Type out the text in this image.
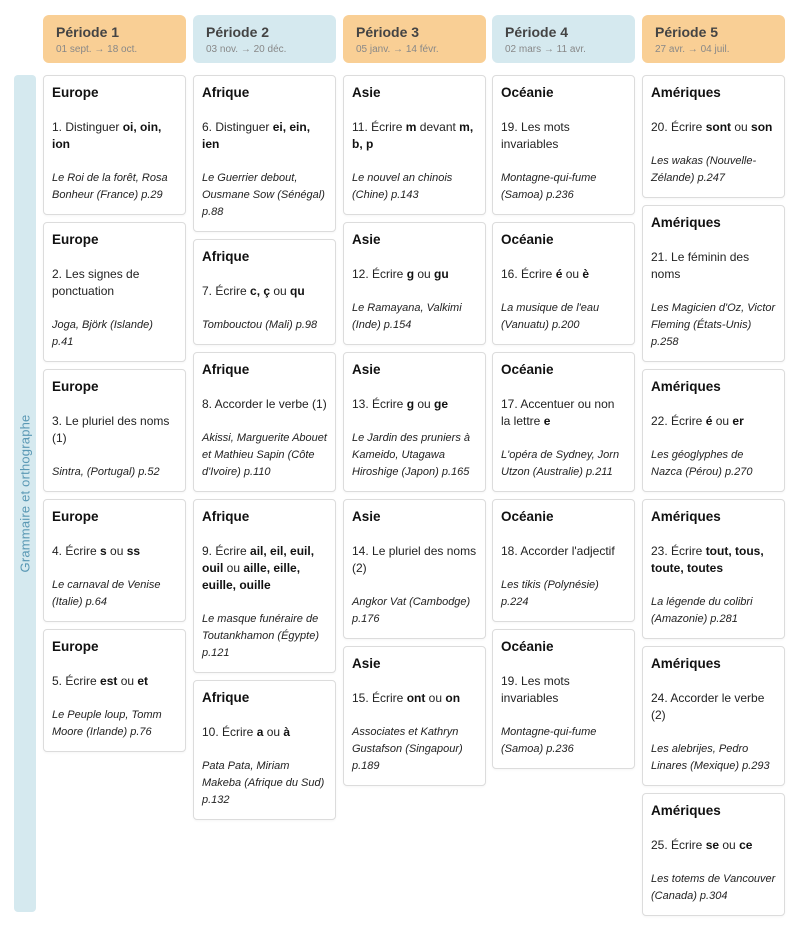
Grammaire et orthographe
Période 1
01 sept. → 18 oct.
Europe
1. Distinguer oi, oin, ion
Le Roi de la forêt, Rosa Bonheur (France) p.29
Europe
2. Les signes de ponctuation
Joga, Björk (Islande) p.41
Europe
3. Le pluriel des noms (1)
Sintra, (Portugal) p.52
Europe
4. Écrire s ou ss
Le carnaval de Venise (Italie) p.64
Europe
5. Écrire est ou et
Le Peuple loup, Tomm Moore (Irlande) p.76
Période 2
03 nov. → 20 déc.
Afrique
6. Distinguer ei, ein, ien
Le Guerrier debout, Ousmane Sow (Sénégal) p.88
Afrique
7. Écrire c, ç ou qu
Tombouctou (Mali) p.98
Afrique
8. Accorder le verbe (1)
Akissi, Marguerite Abouet et Mathieu Sapin (Côte d'Ivoire) p.110
Afrique
9. Écrire ail, eil, euil, ouil ou aille, eille, euille, ouille
Le masque funéraire de Toutankhamon (Égypte) p.121
Afrique
10. Écrire a ou à
Pata Pata, Miriam Makeba (Afrique du Sud) p.132
Période 3
05 janv. → 14 févr.
Asie
11. Écrire m devant m, b, p
Le nouvel an chinois (Chine) p.143
Asie
12. Écrire g ou gu
Le Ramayana, Valkimi (Inde) p.154
Asie
13. Écrire g ou ge
Le Jardin des pruniers à Kameido, Utagawa Hiroshige (Japon) p.165
Asie
14. Le pluriel des noms (2)
Angkor Vat (Cambodge) p.176
Asie
15. Écrire ont ou on
Associates et Kathryn Gustafson (Singapour) p.189
Période 4
02 mars → 11 avr.
Océanie
19. Les mots invariables
Montagne-qui-fume (Samoa) p.236
Océanie
16. Écrire é ou è
La musique de l'eau (Vanuatu) p.200
Océanie
17. Accentuer ou non la lettre e
L'opéra de Sydney, Jorn Utzon (Australie) p.211
Océanie
18. Accorder l'adjectif
Les tikis (Polynésie) p.224
Océanie
19. Les mots invariables
Montagne-qui-fume (Samoa) p.236
Période 5
27 avr. → 04 juil.
Amériques
20. Écrire sont ou son
Les wakas (Nouvelle-Zélande) p.247
Amériques
21. Le féminin des noms
Les Magicien d'Oz, Victor Fleming (États-Unis) p.258
Amériques
22. Écrire é ou er
Les géoglyphes de Nazca (Pérou) p.270
Amériques
23. Écrire tout, tous, toute, toutes
La légende du colibri (Amazonie) p.281
Amériques
24. Accorder le verbe (2)
Les alebrijes, Pedro Linares (Mexique) p.293
Amériques
25. Écrire se ou ce
Les totems de Vancouver (Canada) p.304
